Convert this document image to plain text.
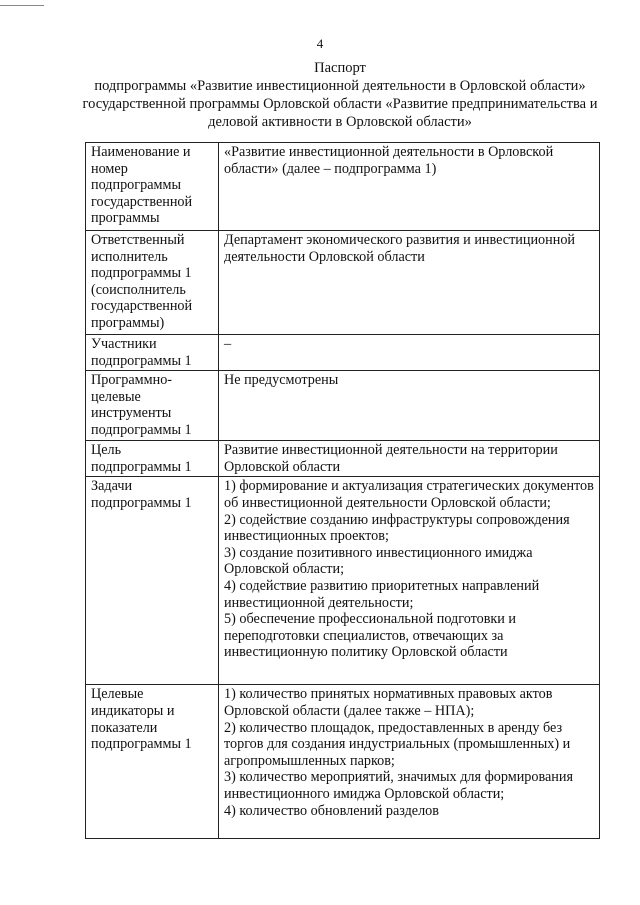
4
Паспорт
подпрограммы «Развитие инвестиционной деятельности в Орловской области» государственной программы Орловской области «Развитие предпринимательства и деловой активности в Орловской области»
Наименование и номер подпрограммы государственной программы	«Развитие инвестиционной деятельности в Орловской области» (далее – подпрограмма 1)
Ответственный исполнитель подпрограммы 1 (соисполнитель государственной программы)	Департамент экономического развития и инвестиционной деятельности Орловской области
Участники подпрограммы 1	–
Программно-целевые инструменты подпрограммы 1	Не предусмотрены
Цель подпрограммы 1	Развитие инвестиционной деятельности на территории Орловской области
Задачи подпрограммы 1	1) формирование и актуализация стратегических документов об инвестиционной деятельности Орловской области;
2) содействие созданию инфраструктуры сопровождения инвестиционных проектов;
3) создание позитивного инвестиционного имиджа Орловской области;
4) содействие развитию приоритетных направлений инвестиционной деятельности;
5) обеспечение профессиональной подготовки и переподготовки специалистов, отвечающих за инвестиционную политику Орловской области
Целевые индикаторы и показатели подпрограммы 1	1) количество принятых нормативных правовых актов Орловской области (далее также – НПА);
2) количество площадок, предоставленных в аренду без торгов для создания индустриальных (промышленных) и агропромышленных парков;
3) количество мероприятий, значимых для формирования инвестиционного имиджа Орловской области;
4) количество обновлений разделов
